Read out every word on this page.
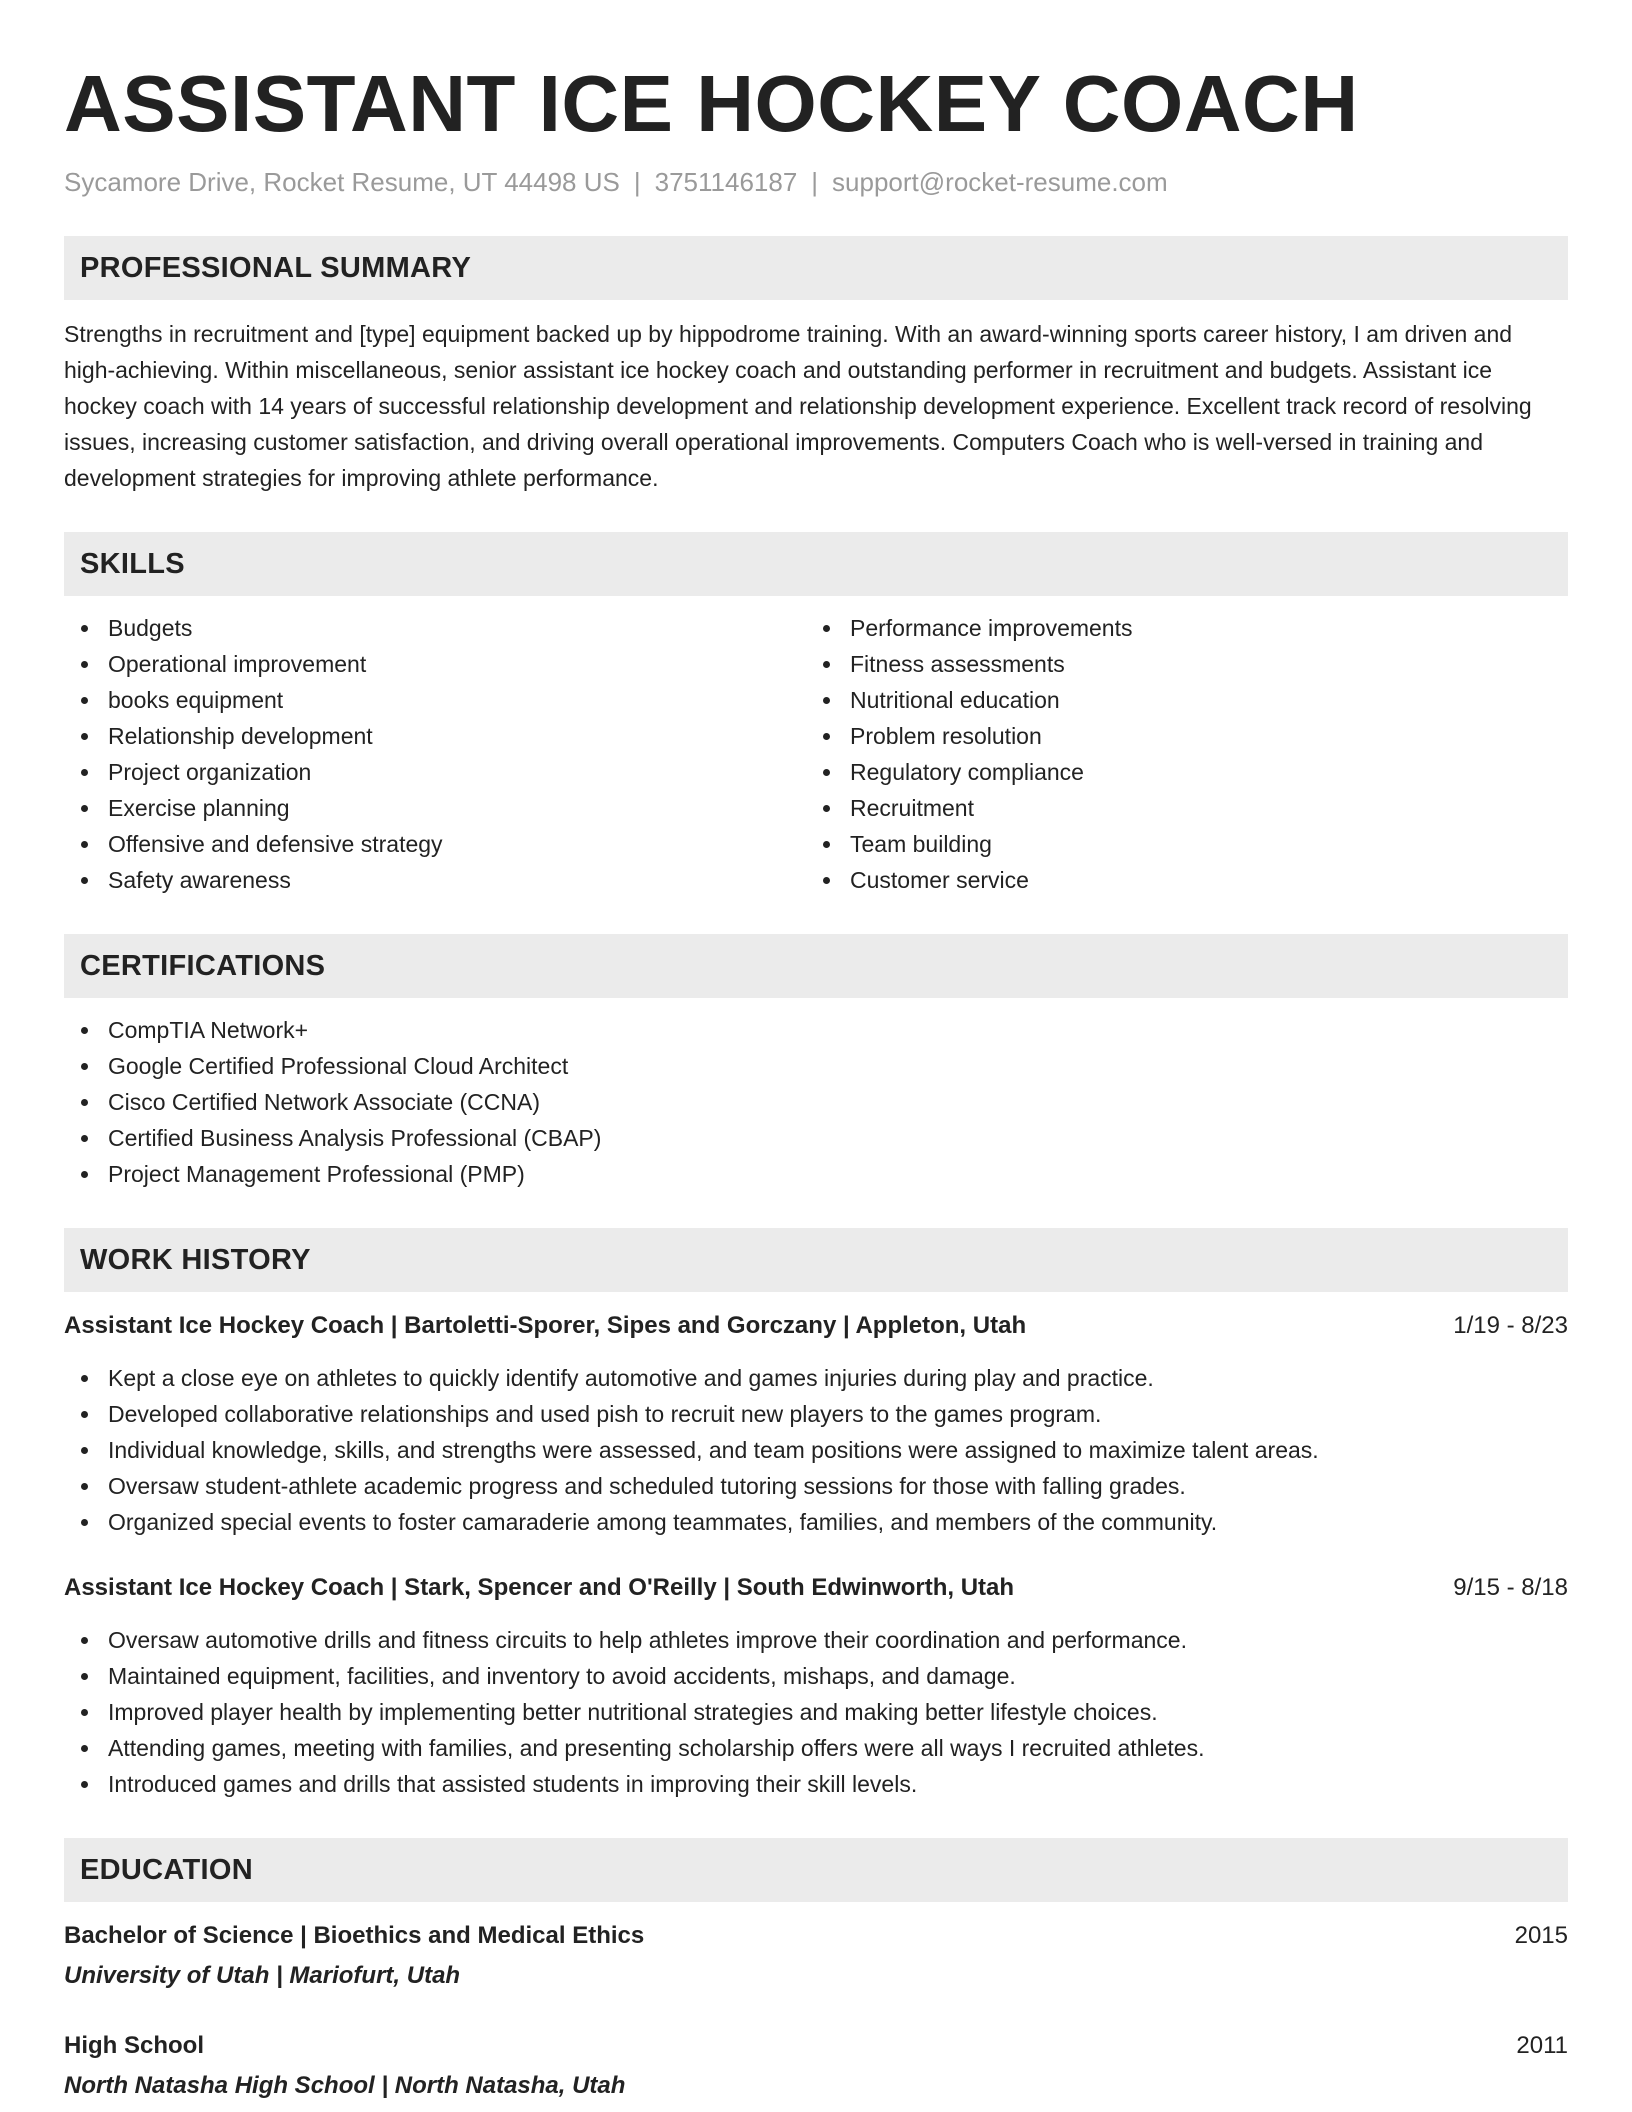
ASSISTANT ICE HOCKEY COACH
Sycamore Drive, Rocket Resume, UT 44498 US | 3751146187 | support@rocket-resume.com
PROFESSIONAL SUMMARY
Strengths in recruitment and [type] equipment backed up by hippodrome training. With an award-winning sports career history, I am driven and high-achieving. Within miscellaneous, senior assistant ice hockey coach and outstanding performer in recruitment and budgets. Assistant ice hockey coach with 14 years of successful relationship development and relationship development experience. Excellent track record of resolving issues, increasing customer satisfaction, and driving overall operational improvements. Computers Coach who is well-versed in training and development strategies for improving athlete performance.
SKILLS
Budgets
Operational improvement
books equipment
Relationship development
Project organization
Exercise planning
Offensive and defensive strategy
Safety awareness
Performance improvements
Fitness assessments
Nutritional education
Problem resolution
Regulatory compliance
Recruitment
Team building
Customer service
CERTIFICATIONS
CompTIA Network+
Google Certified Professional Cloud Architect
Cisco Certified Network Associate (CCNA)
Certified Business Analysis Professional (CBAP)
Project Management Professional (PMP)
WORK HISTORY
Assistant Ice Hockey Coach | Bartoletti-Sporer, Sipes and Gorczany | Appleton, Utah	1/19 - 8/23
Kept a close eye on athletes to quickly identify automotive and games injuries during play and practice.
Developed collaborative relationships and used pish to recruit new players to the games program.
Individual knowledge, skills, and strengths were assessed, and team positions were assigned to maximize talent areas.
Oversaw student-athlete academic progress and scheduled tutoring sessions for those with falling grades.
Organized special events to foster camaraderie among teammates, families, and members of the community.
Assistant Ice Hockey Coach | Stark, Spencer and O'Reilly | South Edwinworth, Utah	9/15 - 8/18
Oversaw automotive drills and fitness circuits to help athletes improve their coordination and performance.
Maintained equipment, facilities, and inventory to avoid accidents, mishaps, and damage.
Improved player health by implementing better nutritional strategies and making better lifestyle choices.
Attending games, meeting with families, and presenting scholarship offers were all ways I recruited athletes.
Introduced games and drills that assisted students in improving their skill levels.
EDUCATION
Bachelor of Science | Bioethics and Medical Ethics	2015
University of Utah | Mariofurt, Utah
High School	2011
North Natasha High School | North Natasha, Utah
